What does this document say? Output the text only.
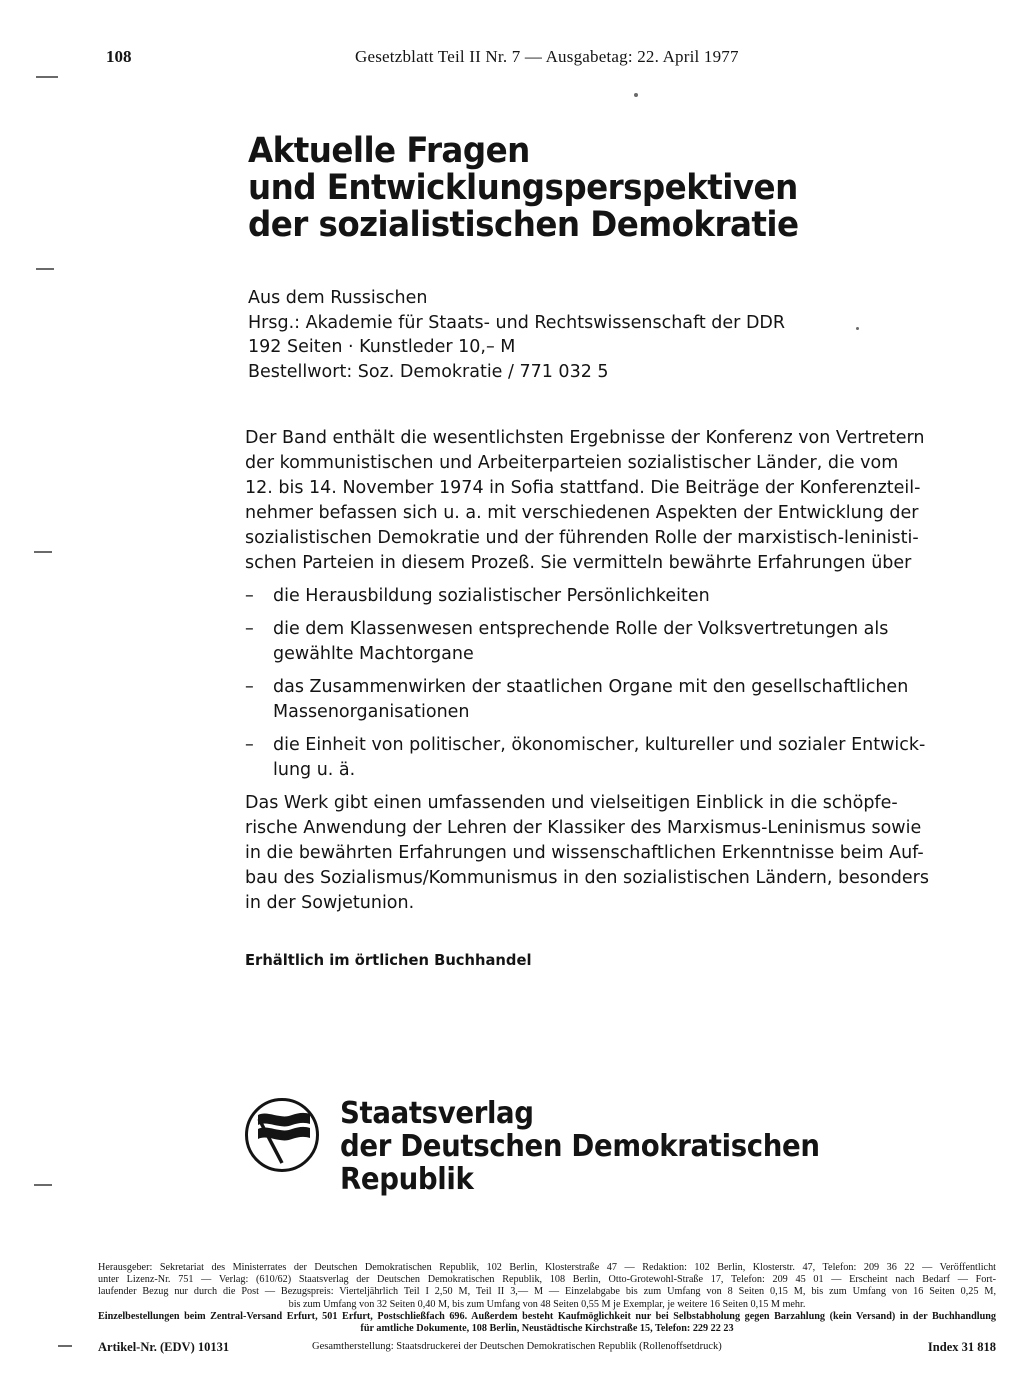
108	Gesetzblatt Teil II Nr. 7 — Ausgabetag: 22. April 1977
Aktuelle Fragen
und Entwicklungsperspektiven
der sozialistischen Demokratie
Aus dem Russischen
Hrsg.: Akademie für Staats- und Rechtswissenschaft der DDR
192 Seiten · Kunstleder 10,– M
Bestellwort: Soz. Demokratie / 771 032 5
Der Band enthält die wesentlichsten Ergebnisse der Konferenz von Vertretern
der kommunistischen und Arbeiterparteien sozialistischer Länder, die vom
12. bis 14. November 1974 in Sofia stattfand. Die Beiträge der Konferenzteil-
nehmer befassen sich u. a. mit verschiedenen Aspekten der Entwicklung der
sozialistischen Demokratie und der führenden Rolle der marxistisch-leninisti-
schen Parteien in diesem Prozeß. Sie vermitteln bewährte Erfahrungen über
–	die Herausbildung sozialistischer Persönlichkeiten
–	die dem Klassenwesen entsprechende Rolle der Volksvertretungen als
gewählte Machtorgane
–	das Zusammenwirken der staatlichen Organe mit den gesellschaftlichen
Massenorganisationen
–	die Einheit von politischer, ökonomischer, kultureller und sozialer Entwick-
lung u. ä.
Das Werk gibt einen umfassenden und vielseitigen Einblick in die schöpfe-
rische Anwendung der Lehren der Klassiker des Marxismus-Leninismus sowie
in die bewährten Erfahrungen und wissenschaftlichen Erkenntnisse beim Auf-
bau des Sozialismus/Kommunismus in den sozialistischen Ländern, besonders
in der Sowjetunion.
Erhältlich im örtlichen Buchhandel
Staatsverlag
der Deutschen Demokratischen
Republik
Herausgeber: Sekretariat des Ministerrates der Deutschen Demokratischen Republik, 102 Berlin, Klosterstraße 47 — Redaktion: 102 Berlin, Klosterstr. 47, Telefon: 209 36 22 — Veröffentlicht
unter Lizenz-Nr. 751 — Verlag: (610/62) Staatsverlag der Deutschen Demokratischen Republik, 108 Berlin, Otto-Grotewohl-Straße 17, Telefon: 209 45 01 — Erscheint nach Bedarf — Fort-
laufender Bezug nur durch die Post — Bezugspreis: Vierteljährlich Teil I 2,50 M, Teil II 3,— M — Einzelabgabe bis zum Umfang von 8 Seiten 0,15 M, bis zum Umfang von 16 Seiten 0,25 M,
bis zum Umfang von 32 Seiten 0,40 M, bis zum Umfang von 48 Seiten 0,55 M je Exemplar, je weitere 16 Seiten 0,15 M mehr.
Einzelbestellungen beim Zentral-Versand Erfurt, 501 Erfurt, Postschließfach 696. Außerdem besteht Kaufmöglichkeit nur bei Selbstabholung gegen Barzahlung (kein Versand) in der Buchhandlung
für amtliche Dokumente, 108 Berlin, Neustädtische Kirchstraße 15, Telefon: 229 22 23
Artikel-Nr. (EDV) 10131	Gesamtherstellung: Staatsdruckerei der Deutschen Demokratischen Republik (Rollenoffsetdruck)	Index 31 818
